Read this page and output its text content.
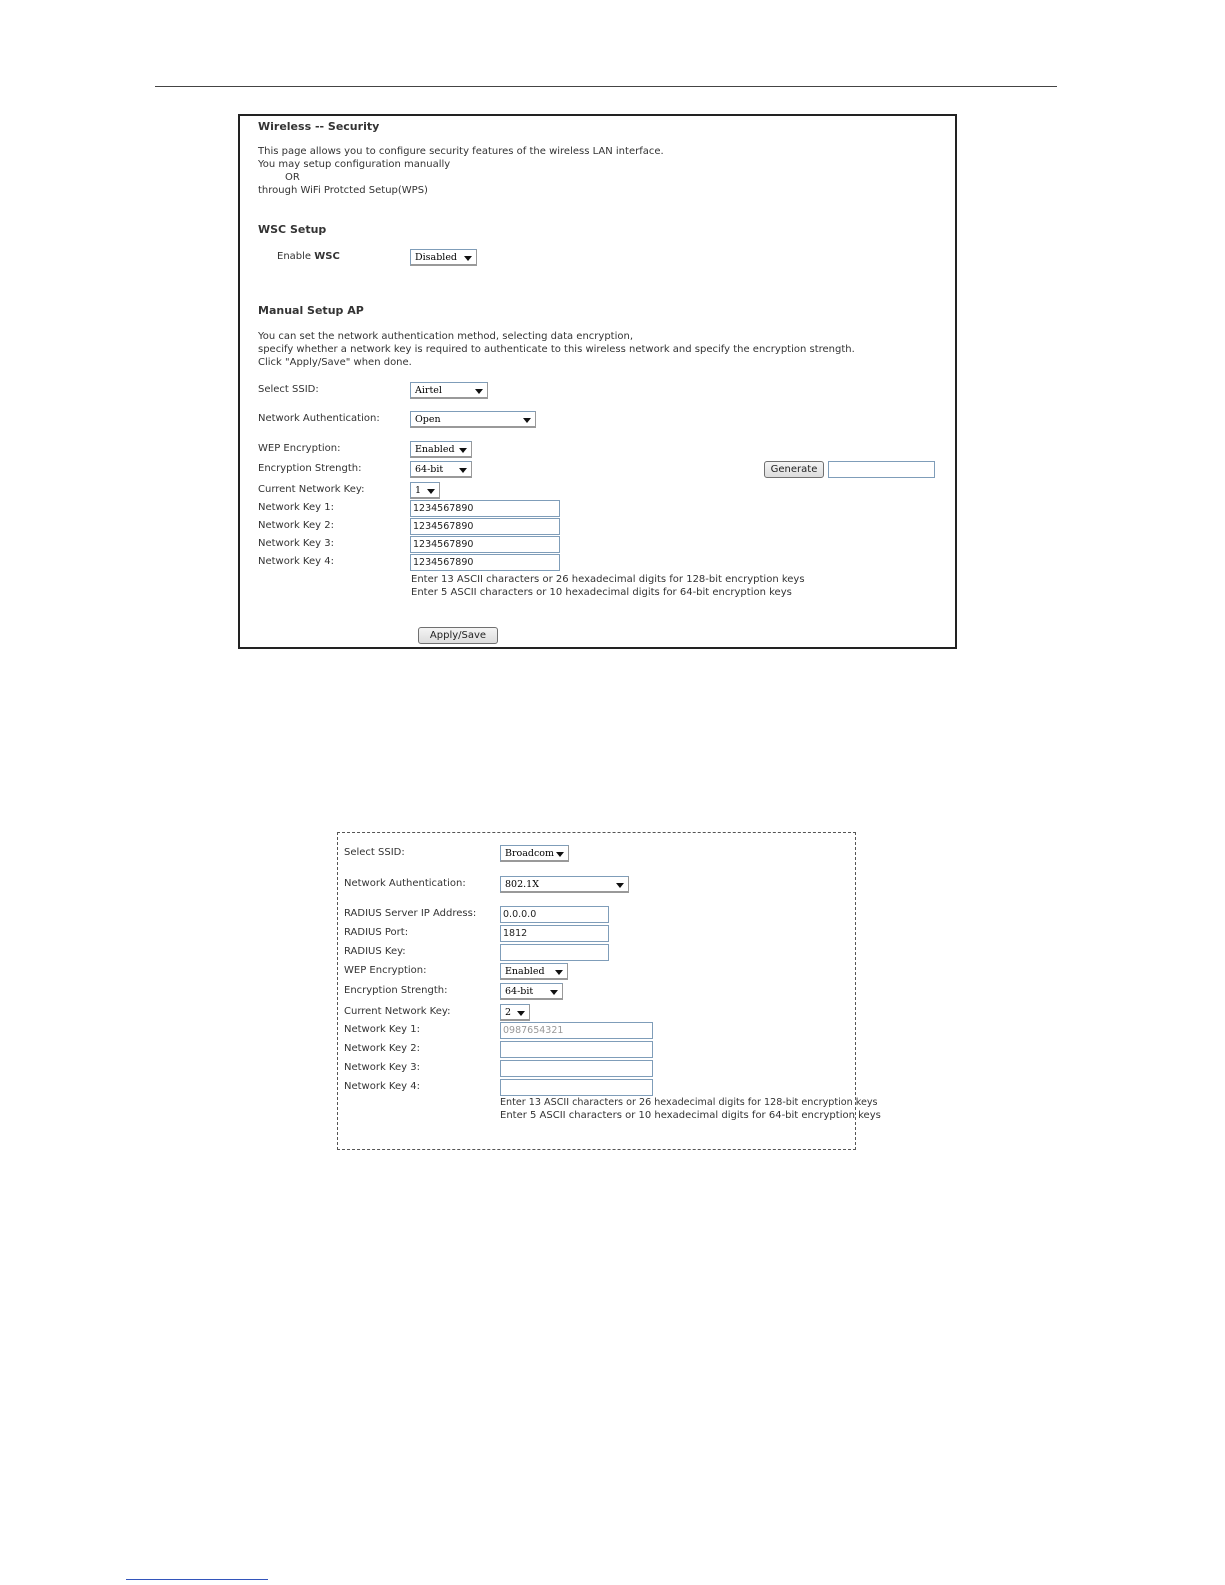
Wireless -- Security
This page allows you to configure security features of the wireless LAN interface.
You may setup configuration manually
OR
through WiFi Protcted Setup(WPS)
WSC Setup
Enable WSC	Disabled
Manual Setup AP
You can set the network authentication method, selecting data encryption,
specify whether a network key is required to authenticate to this wireless network and specify the encryption strength.
Click "Apply/Save" when done.
Select SSID:	Airtel
Network Authentication:	Open
WEP Encryption:	Enabled
Encryption Strength:	64-bit	Generate
Current Network Key:	1
Network Key 1:	1234567890
Network Key 2:	1234567890
Network Key 3:	1234567890
Network Key 4:	1234567890
Enter 13 ASCII characters or 26 hexadecimal digits for 128-bit encryption keys
Enter 5 ASCII characters or 10 hexadecimal digits for 64-bit encryption keys
Apply/Save
Select SSID:	Broadcom
Network Authentication:	802.1X
RADIUS Server IP Address:	0.0.0.0
RADIUS Port:	1812
RADIUS Key:
WEP Encryption:	Enabled
Encryption Strength:	64-bit
Current Network Key:	2
Network Key 1:	0987654321
Network Key 2:
Network Key 3:
Network Key 4:
Enter 13 ASCII characters or 26 hexadecimal digits for 128-bit encryption keys
Enter 5 ASCII characters or 10 hexadecimal digits for 64-bit encryption keys
